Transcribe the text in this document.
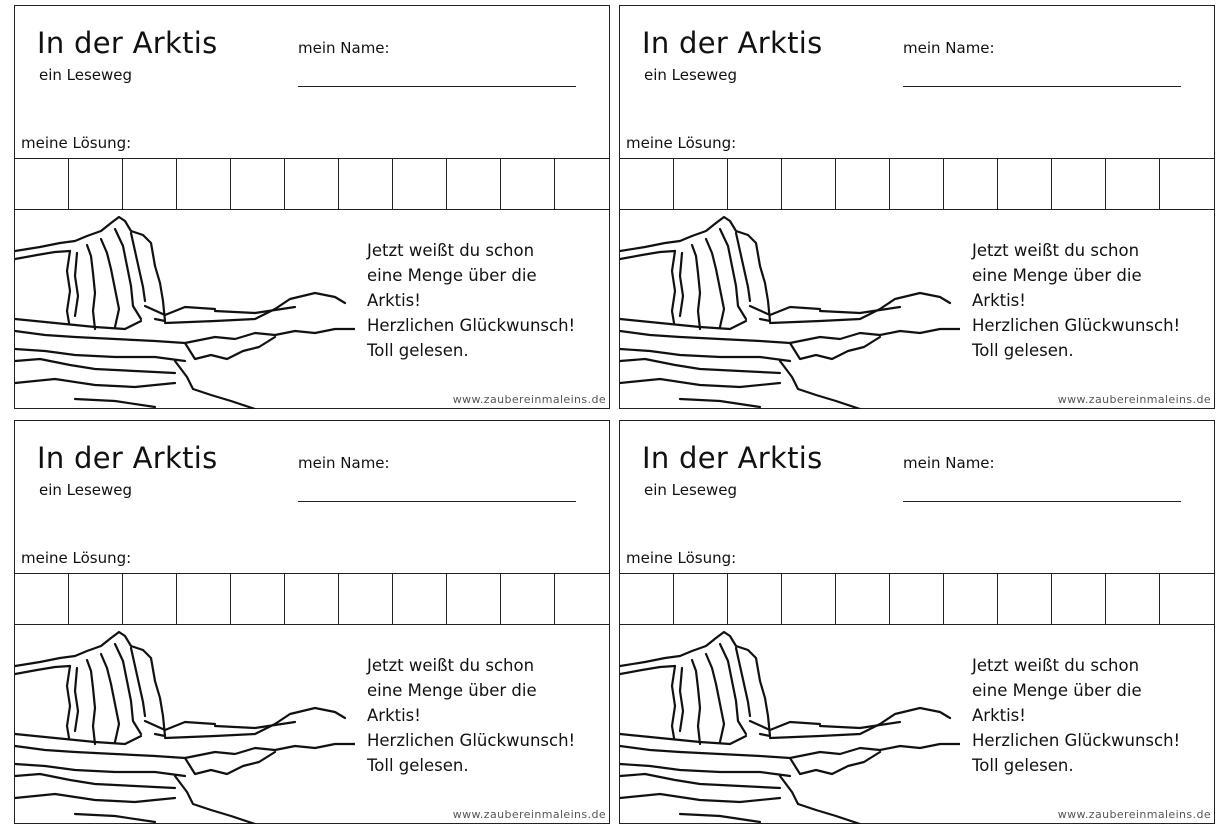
In der Arktis
ein Leseweg
mein Name:
meine Lösung:
Jetzt weißt du schon
eine Menge über die
Arktis!
Herzlichen Glückwunsch!
Toll gelesen.
www.zaubereinmaleins.de
In der Arktis
ein Leseweg
mein Name:
meine Lösung:
Jetzt weißt du schon
eine Menge über die
Arktis!
Herzlichen Glückwunsch!
Toll gelesen.
www.zaubereinmaleins.de
In der Arktis
ein Leseweg
mein Name:
meine Lösung:
Jetzt weißt du schon
eine Menge über die
Arktis!
Herzlichen Glückwunsch!
Toll gelesen.
www.zaubereinmaleins.de
In der Arktis
ein Leseweg
mein Name:
meine Lösung:
Jetzt weißt du schon
eine Menge über die
Arktis!
Herzlichen Glückwunsch!
Toll gelesen.
www.zaubereinmaleins.de
